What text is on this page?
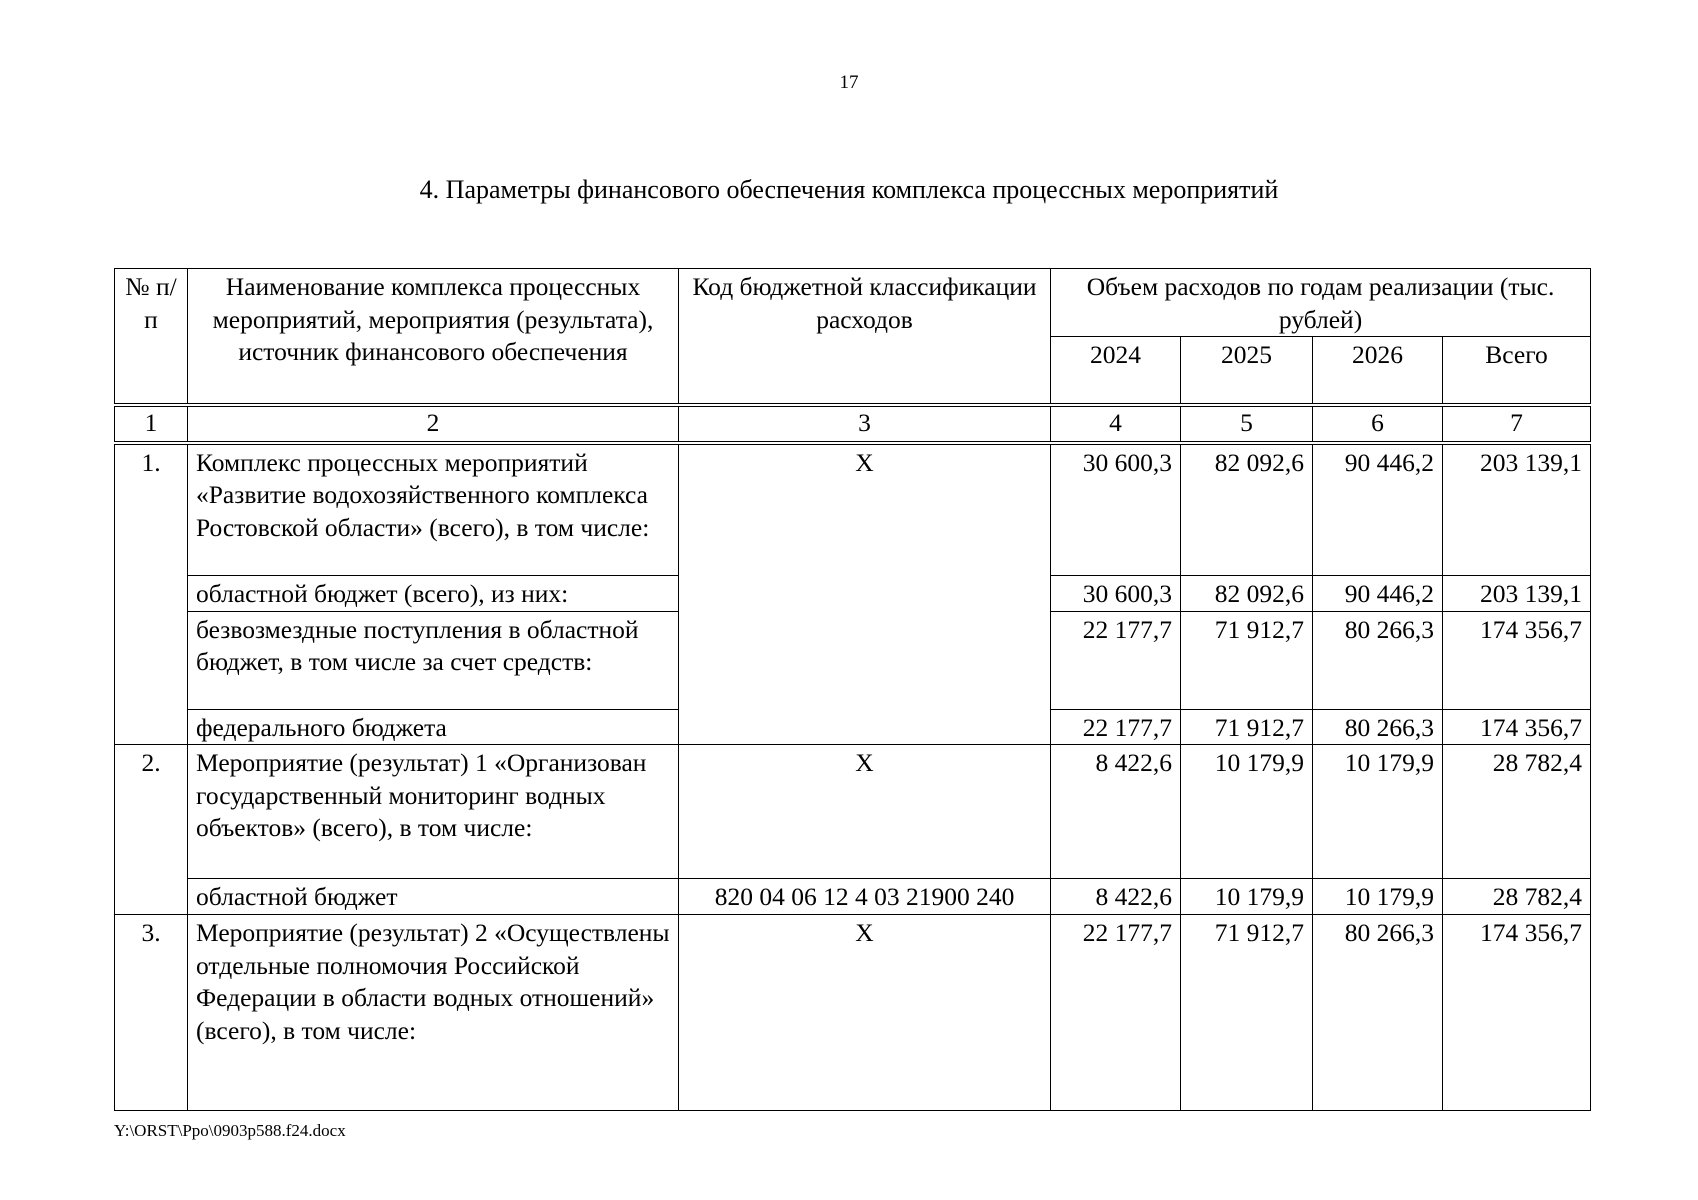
17
4. Параметры финансового обеспечения комплекса процессных мероприятий
№ п/п	Наименование комплекса процессных мероприятий, мероприятия (результата), источник финансового обеспечения	Код бюджетной классификации расходов	Объем расходов по годам реализации (тыс. рублей)			
			2024	2025	2026	Всего
1	2	3	4	5	6	7
1.	Комплекс процессных мероприятий «Развитие водохозяйственного комплекса Ростовской области» (всего), в том числе:	Х	30 600,3	82 092,6	90 446,2	203 139,1
	областной бюджет (всего), из них:		30 600,3	82 092,6	90 446,2	203 139,1
	безвозмездные поступления в областной бюджет, в том числе за счет средств:		22 177,7	71 912,7	80 266,3	174 356,7
	федерального бюджета		22 177,7	71 912,7	80 266,3	174 356,7
2.	Мероприятие (результат) 1 «Организован государственный мониторинг водных объектов» (всего), в том числе:	Х	8 422,6	10 179,9	10 179,9	28 782,4
	областной бюджет	820 04 06 12 4 03 21900 240	8 422,6	10 179,9	10 179,9	28 782,4
3.	Мероприятие (результат) 2 «Осуществлены отдельные полномочия Российской Федерации в области водных отношений» (всего), в том числе:	Х	22 177,7	71 912,7	80 266,3	174 356,7
Y:\ORST\Ppo\0903p588.f24.docx
